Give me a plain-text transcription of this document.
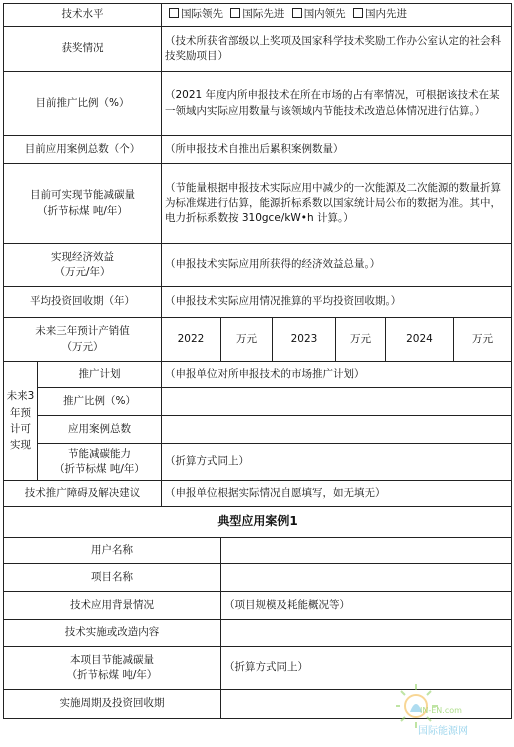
技术水平		国际领先 国际先进 国内领先 国内先进					
获奖情况		（技术所获省部级以上奖项及国家科学技术奖励工作办公室认定的社会科技奖励项目）					
目前推广比例（%）		（2021 年度内所申报技术在所在市场的占有率情况，可根据该技术在某一领域内实际应用数量与该领域内节能技术改造总体情况进行估算。）					
目前应用案例总数（个）		（所申报技术自推出后累积案例数量）					

目前可实现节能减碳量
（折节标煤 吨/年）		（节能量根据申报技术实际应用中减少的一次能源及二次能源的数量折算为标准煤进行估算，能源折标系数以国家统计局公布的数据为准。其中，电力折标系数按 310gce/kW•h 计算。）					

实现经济效益
（万元/年）		（申报技术实际应用所获得的经济效益总量。）					
平均投资回收期（年）		（申报技术实际应用情况推算的平均投资回收期。）					

未来三年预计产销值
（万元）		2022	万元	2023	万元	2024	万元
未来3年预计可实现	推广计划	（申报单位对所申报技术的市场推广计划）					
	推广比例（%）						
	应用案例总数						

	节能减碳能力
（折节标煤 吨/年）	（折算方式同上）					
技术推广障碍及解决建议		（申报单位根据实际情况自愿填写，如无填无）					
典型应用案例1							
用户名称							
项目名称							
技术应用背景情况			（项目规模及耗能概况等）				
技术实施或改造内容							

本项目节能减碳量
（折节标煤 吨/年）			（折算方式同上）				
实施周期及投资回收期							
IN-EN.com
国际能源网
